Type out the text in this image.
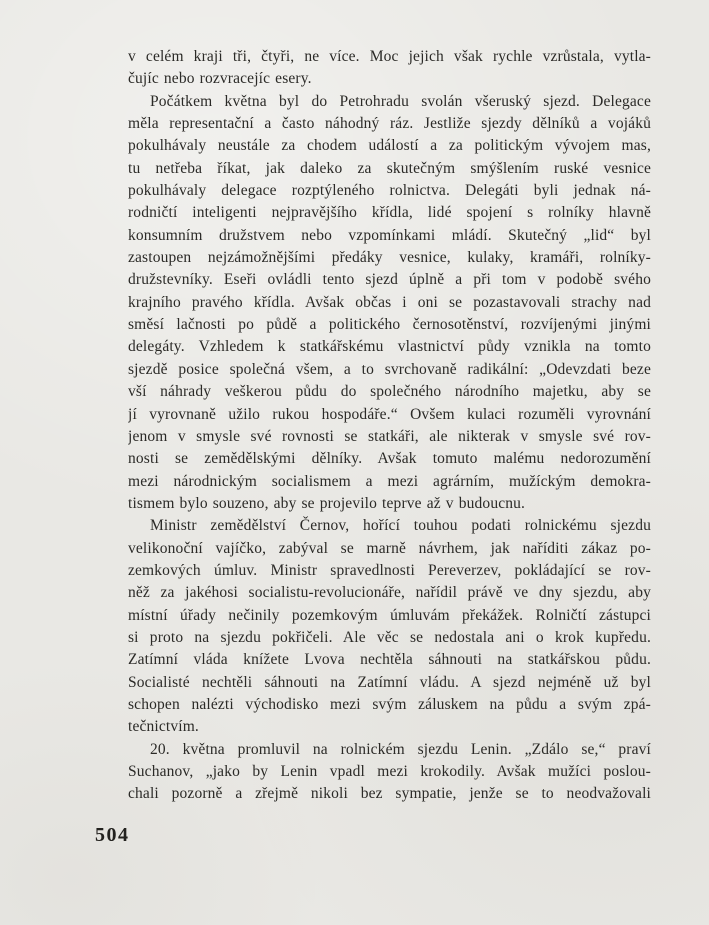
v celém kraji tři, čtyři, ne více. Moc jejich však rychle vzrůstala, vytla-

čujíc nebo rozvracejíc esery.

Počátkem května byl do Petrohradu svolán všeruský sjezd. Delegace

měla representační a často náhodný ráz. Jestliže sjezdy dělníků a vojáků

pokulhávaly neustále za chodem událostí a za politickým vývojem mas,

tu netřeba říkat, jak daleko za skutečným smýšlením ruské vesnice

pokulhávaly delegace rozptýleného rolnictva. Delegáti byli jednak ná-

rodničtí inteligenti nejpravějšího křídla, lidé spojení s rolníky hlavně

konsumním družstvem nebo vzpomínkami mládí. Skutečný „lid“ byl

zastoupen nejzámožnějšími předáky vesnice, kulaky, kramáři, rolníky-

družstevníky. Eseři ovládli tento sjezd úplně a při tom v podobě svého

krajního pravého křídla. Avšak občas i oni se pozastavovali strachy nad

směsí lačnosti po půdě a politického černosotěnství, rozvíjenými jinými

delegáty. Vzhledem k statkářskému vlastnictví půdy vznikla na tomto

sjezdě posice společná všem, a to svrchovaně radikální: „Odevzdati beze

vší náhrady veškerou půdu do společného národního majetku, aby se

jí vyrovnaně užilo rukou hospodáře.“ Ovšem kulaci rozuměli vyrovnání

jenom v smysle své rovnosti se statkáři, ale nikterak v smysle své rov-

nosti se zemědělskými dělníky. Avšak tomuto malému nedorozumění

mezi národnickým socialismem a mezi agrárním, mužíckým demokra-

tismem bylo souzeno, aby se projevilo teprve až v budoucnu.

Ministr zemědělství Černov, hořící touhou podati rolnickému sjezdu

velikonoční vajíčko, zabýval se marně návrhem, jak naříditi zákaz po-

zemkových úmluv. Ministr spravedlnosti Pereverzev, pokládající se rov-

něž za jakéhosi socialistu-revolucionáře, nařídil právě ve dny sjezdu, aby

místní úřady nečinily pozemkovým úmluvám překážek. Rolničtí zástupci

si proto na sjezdu pokřičeli. Ale věc se nedostala ani o krok kupředu.

Zatímní vláda knížete Lvova nechtěla sáhnouti na statkářskou půdu.

Socialisté nechtěli sáhnouti na Zatímní vládu. A sjezd nejméně už byl

schopen nalézti východisko mezi svým záluskem na půdu a svým zpá-

tečnictvím.

20. května promluvil na rolnickém sjezdu Lenin. „Zdálo se,“ praví

Suchanov, „jako by Lenin vpadl mezi krokodily. Avšak mužíci poslou-

chali pozorně a zřejmě nikoli bez sympatie, jenže se to neodvažovali

504
